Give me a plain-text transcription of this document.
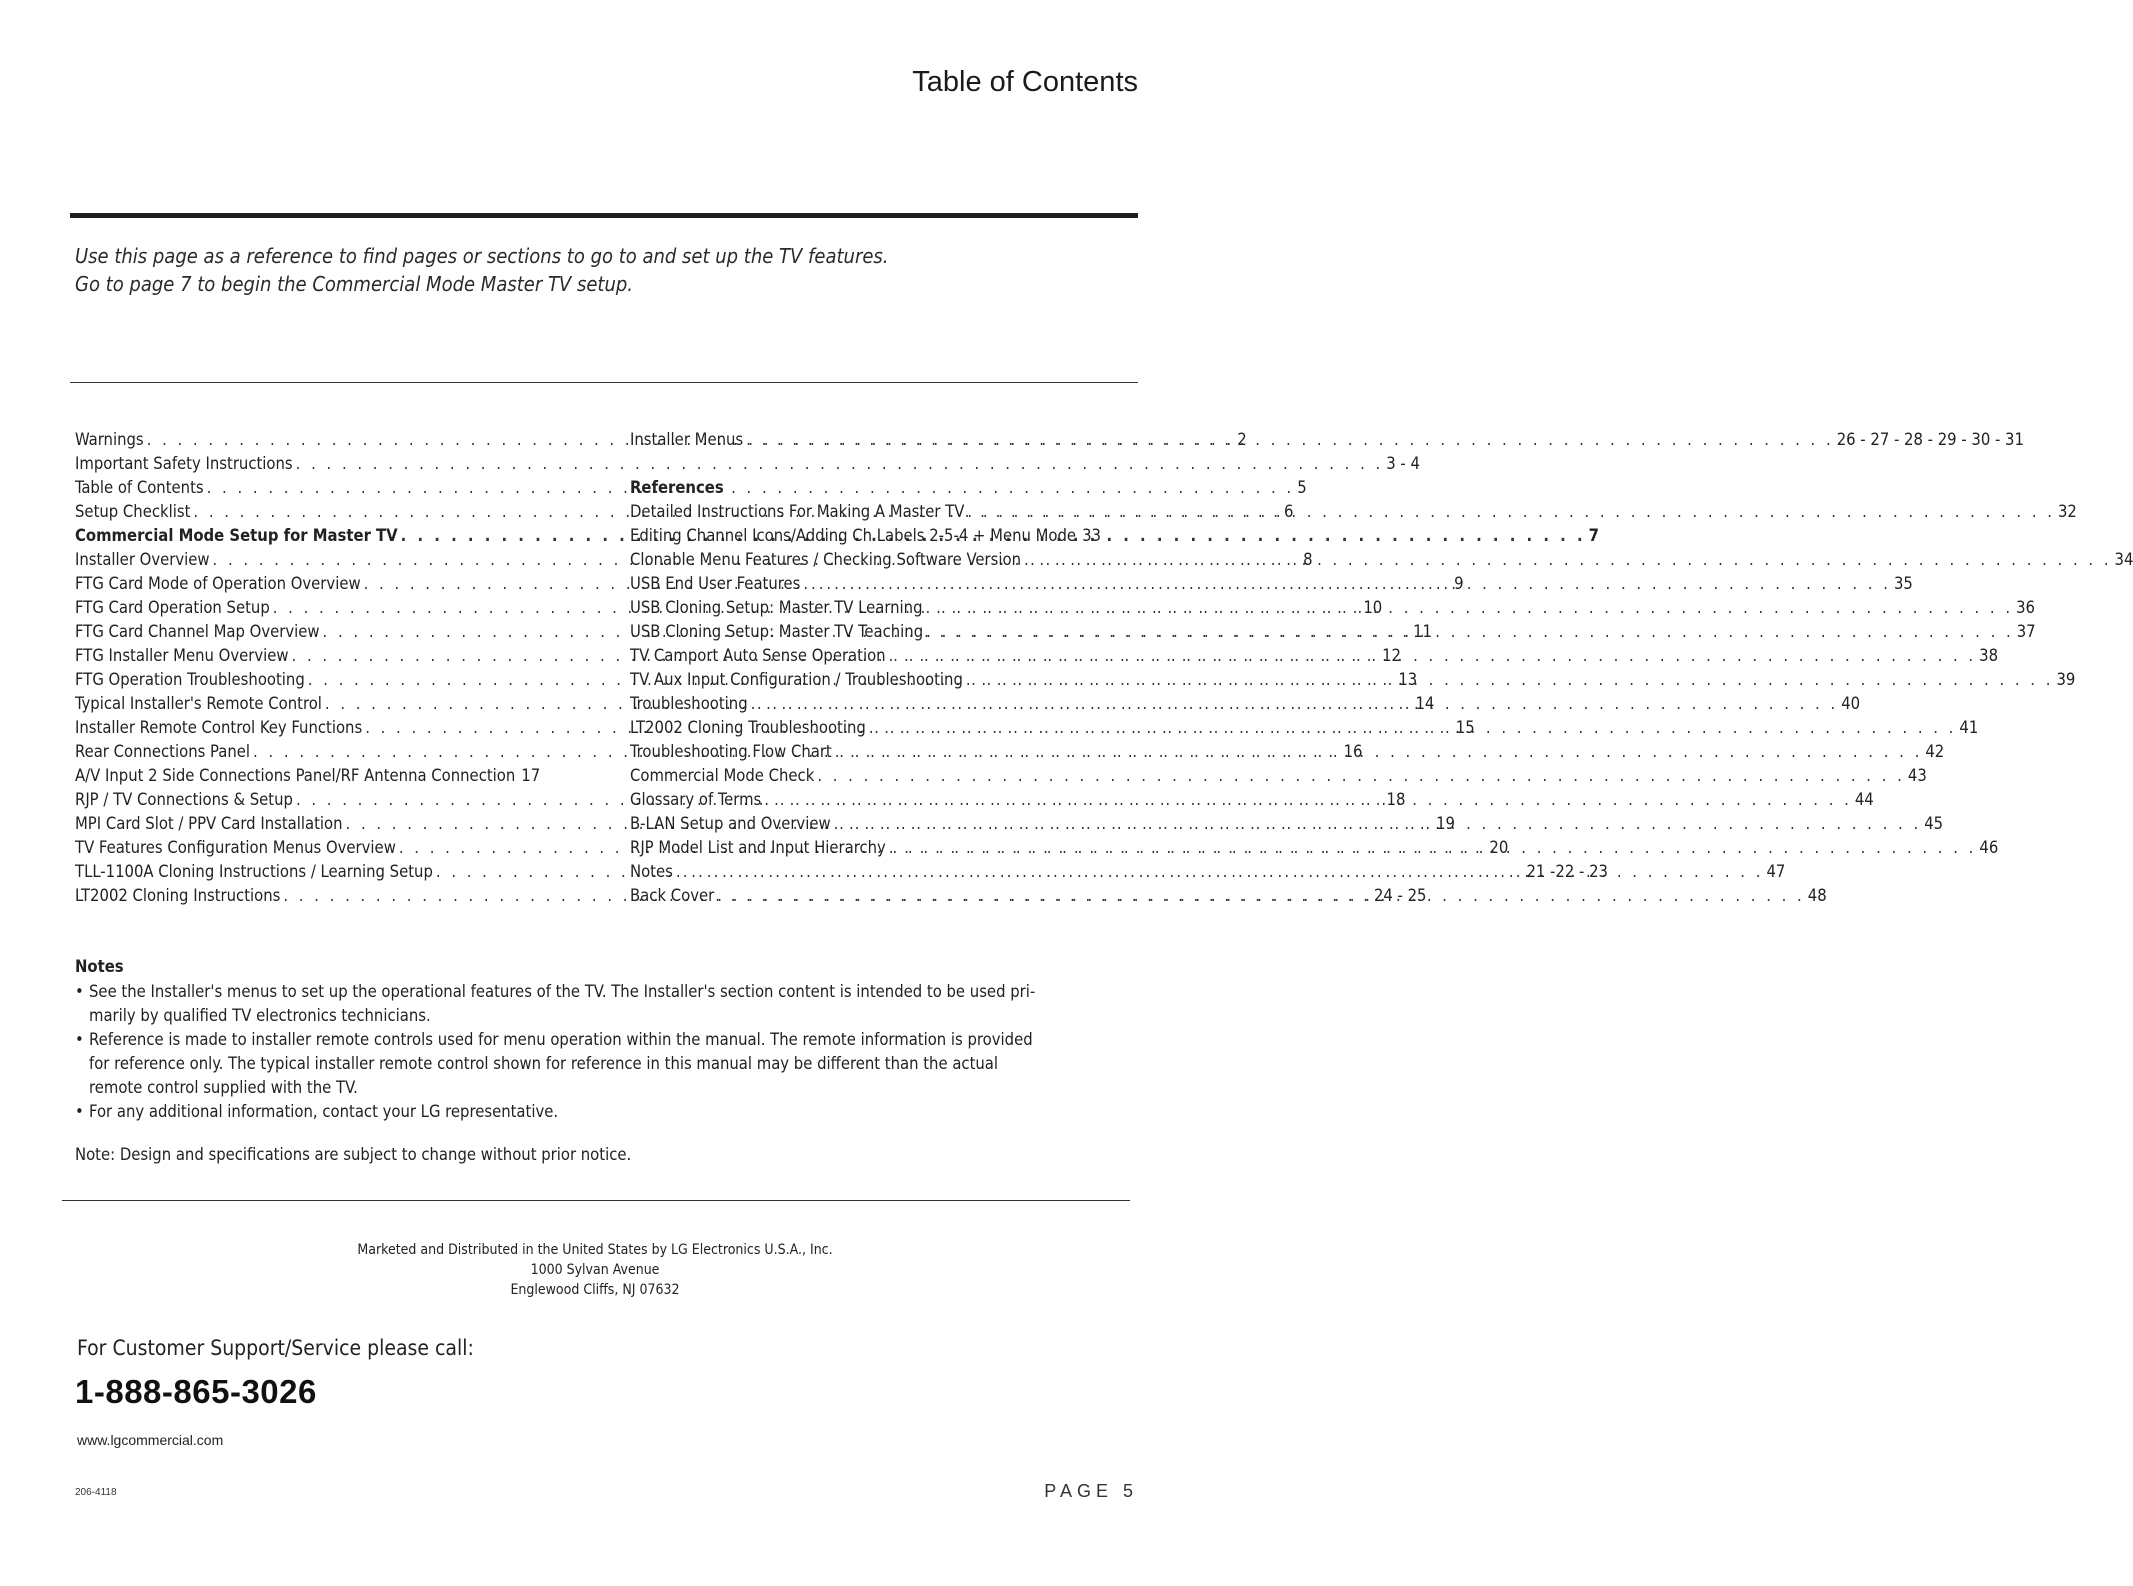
Table of Contents
Use this page as a reference to find pages or sections to go to and set up the TV features.
Go to page 7 to begin the Commercial Mode Master TV setup.
Warnings . . .	2
Important Safety Instructions . . .	3 - 4
Table of Contents . . .	5
Setup Checklist . . .	6
Commercial Mode Setup for Master TV . . .	7
Installer Overview . . .	8
FTG Card Mode of Operation Overview . . .	9
FTG Card Operation Setup . . .	10
FTG Card Channel Map Overview . . .	11
FTG Installer Menu Overview . . .	12
FTG Operation Troubleshooting . . .	13
Typical Installer's Remote Control . . .	14
Installer Remote Control Key Functions . . .	15
Rear Connections Panel . . .	16
A/V Input 2 Side Connections Panel/RF Antenna Connection 17
RJP / TV Connections & Setup . . .	18
MPI Card Slot / PPV Card Installation . . .	19
TV Features Configuration Menus Overview . . .	20
TLL-1100A Cloning Instructions / Learning Setup . . .	21 -22 - 23
LT2002 Cloning Instructions . . .	24 - 25
Installer Menus . . .	26 - 27 - 28 - 29 - 30 - 31
References
Detailed Instructions For Making A Master TV . . .	32
Editing Channel Icons/Adding Ch Labels 2-5-4 + Menu Mode 33
Clonable Menu Features / Checking Software Version . . .	34
USB End User Features . . .	35
USB Cloning Setup: Master TV Learning . . .	36
USB Cloning Setup: Master TV Teaching . . .	37
TV Camport Auto Sense Operation . . .	38
TV Aux Input Configuration / Troubleshooting . . .	39
Troubleshooting . . .	40
LT2002 Cloning Troubleshooting . . .	41
Troubleshooting Flow Chart . . .	42
Commercial Mode Check . . .	43
Glossary of Terms . . .	44
B-LAN Setup and Overview . . .	45
RJP Model List and Input Hierarchy . . .	46
Notes . . .	47
Back Cover . . .	48
Notes
• See the Installer's menus to set up the operational features of the TV. The Installer's section content is intended to be used pri-
marily by qualified TV electronics technicians.
• Reference is made to installer remote controls used for menu operation within the manual. The remote information is provided
for reference only. The typical installer remote control shown for reference in this manual may be different than the actual
remote control supplied with the TV.
• For any additional information, contact your LG representative.
Note: Design and specifications are subject to change without prior notice.
Marketed and Distributed in the United States by LG Electronics U.S.A., Inc.
1000 Sylvan Avenue
Englewood Cliffs, NJ 07632
For Customer Support/Service please call:
1-888-865-3026
www.lgcommercial.com
206-4118	PAGE 5
